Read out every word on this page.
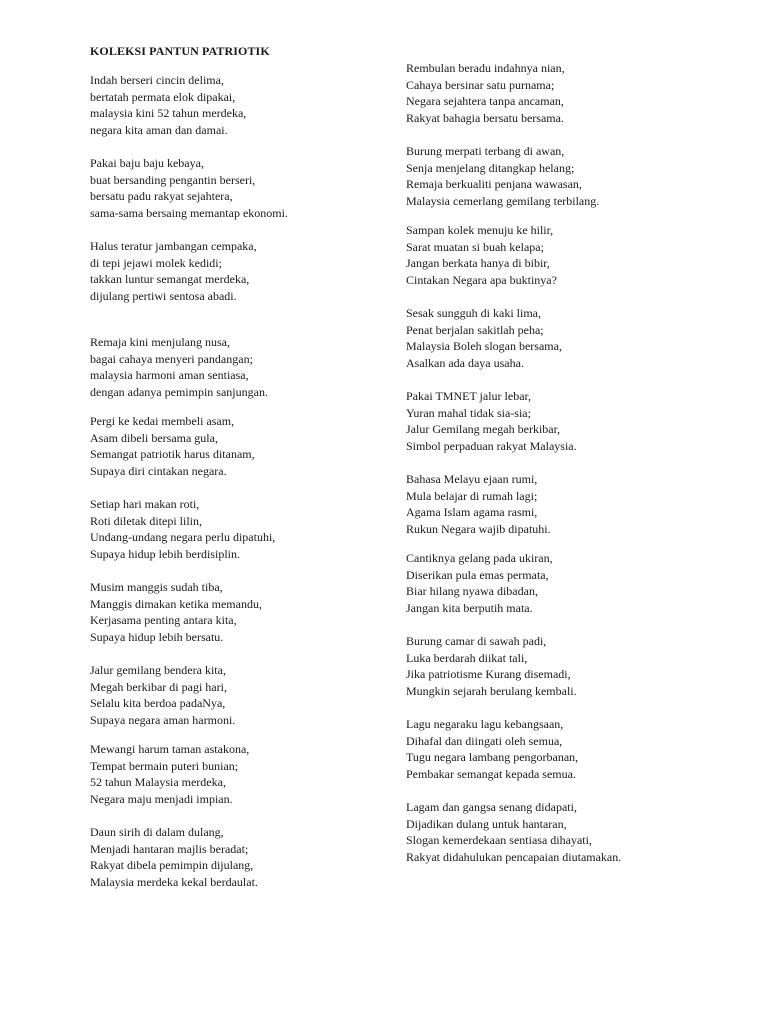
KOLEKSI PANTUN PATRIOTIK
Indah berseri cincin delima,
bertatah permata elok dipakai,
malaysia kini 52 tahun merdeka,
negara kita aman dan damai.
Pakai baju baju kebaya,
buat bersanding pengantin berseri,
bersatu padu rakyat sejahtera,
sama-sama bersaing memantap ekonomi.
Halus teratur jambangan cempaka,
di tepi jejawi molek kedidi;
takkan luntur semangat merdeka,
dijulang pertiwi sentosa abadi.
Remaja kini menjulang nusa,
bagai cahaya menyeri pandangan;
malaysia harmoni aman sentiasa,
dengan adanya pemimpin sanjungan.
Pergi ke kedai membeli asam,
Asam dibeli bersama gula,
Semangat patriotik harus ditanam,
Supaya diri cintakan negara.
Setiap hari makan roti,
Roti diletak ditepi lilin,
Undang-undang negara perlu dipatuhi,
Supaya hidup lebih berdisiplin.
Musim manggis sudah tiba,
Manggis dimakan ketika memandu,
Kerjasama penting antara kita,
Supaya hidup lebih bersatu.
Jalur gemilang bendera kita,
Megah berkibar di pagi hari,
Selalu kita berdoa padaNya,
Supaya negara aman harmoni.
Mewangi harum taman astakona,
Tempat bermain puteri bunian;
52 tahun Malaysia merdeka,
Negara maju menjadi impian.
Daun sirih di dalam dulang,
Menjadi hantaran majlis beradat;
Rakyat dibela pemimpin dijulang,
Malaysia merdeka kekal berdaulat.
Rembulan beradu indahnya nian,
Cahaya bersinar satu purnama;
Negara sejahtera tanpa ancaman,
Rakyat bahagia bersatu bersama.
Burung merpati terbang di awan,
Senja menjelang ditangkap helang;
Remaja berkualiti penjana wawasan,
Malaysia cemerlang gemilang terbilang.
Sampan kolek menuju ke hilir,
Sarat muatan si buah kelapa;
Jangan berkata hanya di bibir,
Cintakan Negara apa buktinya?
Sesak sungguh di kaki lima,
Penat berjalan sakitlah peha;
Malaysia Boleh slogan bersama,
Asalkan ada daya usaha.
Pakai TMNET jalur lebar,
Yuran mahal tidak sia-sia;
Jalur Gemilang megah berkibar,
Simbol perpaduan rakyat Malaysia.
Bahasa Melayu ejaan rumi,
Mula belajar di rumah lagi;
Agama Islam agama rasmi,
Rukun Negara wajib dipatuhi.
Cantiknya gelang pada ukiran,
Diserikan pula emas permata,
Biar hilang nyawa dibadan,
Jangan kita berputih mata.
Burung camar di sawah padi,
Luka berdarah diikat tali,
Jika patriotisme Kurang disemadi,
Mungkin sejarah berulang kembali.
Lagu negaraku lagu kebangsaan,
Dihafal dan diingati oleh semua,
Tugu negara lambang pengorbanan,
Pembakar semangat kepada semua.
Lagam dan gangsa senang didapati,
Dijadikan dulang untuk hantaran,
Slogan kemerdekaan sentiasa dihayati,
Rakyat didahulukan pencapaian diutamakan.
